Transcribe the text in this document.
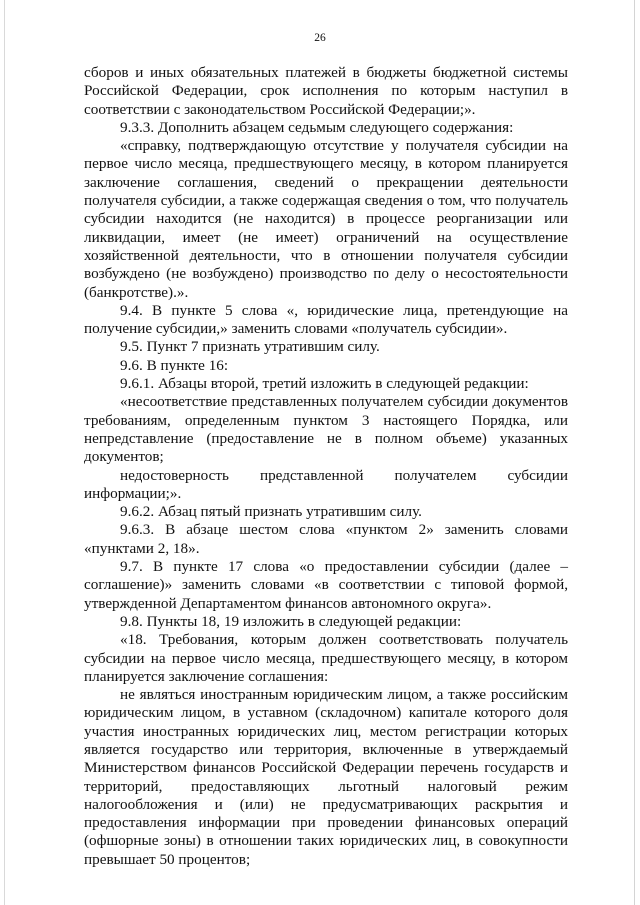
26

сборов и иных обязательных платежей в бюджеты бюджетной системы Российской Федерации, срок исполнения по которым наступил в соответствии с законодательством Российской Федерации;».

9.3.3. Дополнить абзацем седьмым следующего содержания:

«справку, подтверждающую отсутствие у получателя субсидии на первое число месяца, предшествующего месяцу, в котором планируется заключение соглашения, сведений о прекращении деятельности получателя субсидии, а также содержащая сведения о том, что получатель субсидии находится (не находится) в процессе реорганизации или ликвидации, имеет (не имеет) ограничений на осуществление хозяйственной деятельности, что в отношении получателя субсидии возбуждено (не возбуждено) производство по делу о несостоятельности (банкротстве).».

9.4. В пункте 5 слова «, юридические лица, претендующие на получение субсидии,» заменить словами «получатель субсидии».

9.5. Пункт 7 признать утратившим силу.

9.6. В пункте 16:

9.6.1. Абзацы второй, третий изложить в следующей редакции:

«несоответствие представленных получателем субсидии документов требованиям, определенным пунктом 3 настоящего Порядка, или непредставление (предоставление не в полном объеме) указанных документов;

недостоверность представленной получателем субсидии информации;».

9.6.2. Абзац пятый признать утратившим силу.

9.6.3. В абзаце шестом слова «пунктом 2» заменить словами «пунктами 2, 18».

9.7. В пункте 17 слова «о предоставлении субсидии (далее – соглашение)» заменить словами «в соответствии с типовой формой, утвержденной Департаментом финансов автономного округа».

9.8. Пункты 18, 19 изложить в следующей редакции:

«18. Требования, которым должен соответствовать получатель субсидии на первое число месяца, предшествующего месяцу, в котором планируется заключение соглашения:

не являться иностранным юридическим лицом, а также российским юридическим лицом, в уставном (складочном) капитале которого доля участия иностранных юридических лиц, местом регистрации которых является государство или территория, включенные в утверждаемый Министерством финансов Российской Федерации перечень государств и территорий, предоставляющих льготный налоговый режим налогообложения и (или) не предусматривающих раскрытия и предоставления информации при проведении финансовых операций (офшорные зоны) в отношении таких юридических лиц, в совокупности превышает 50 процентов;
